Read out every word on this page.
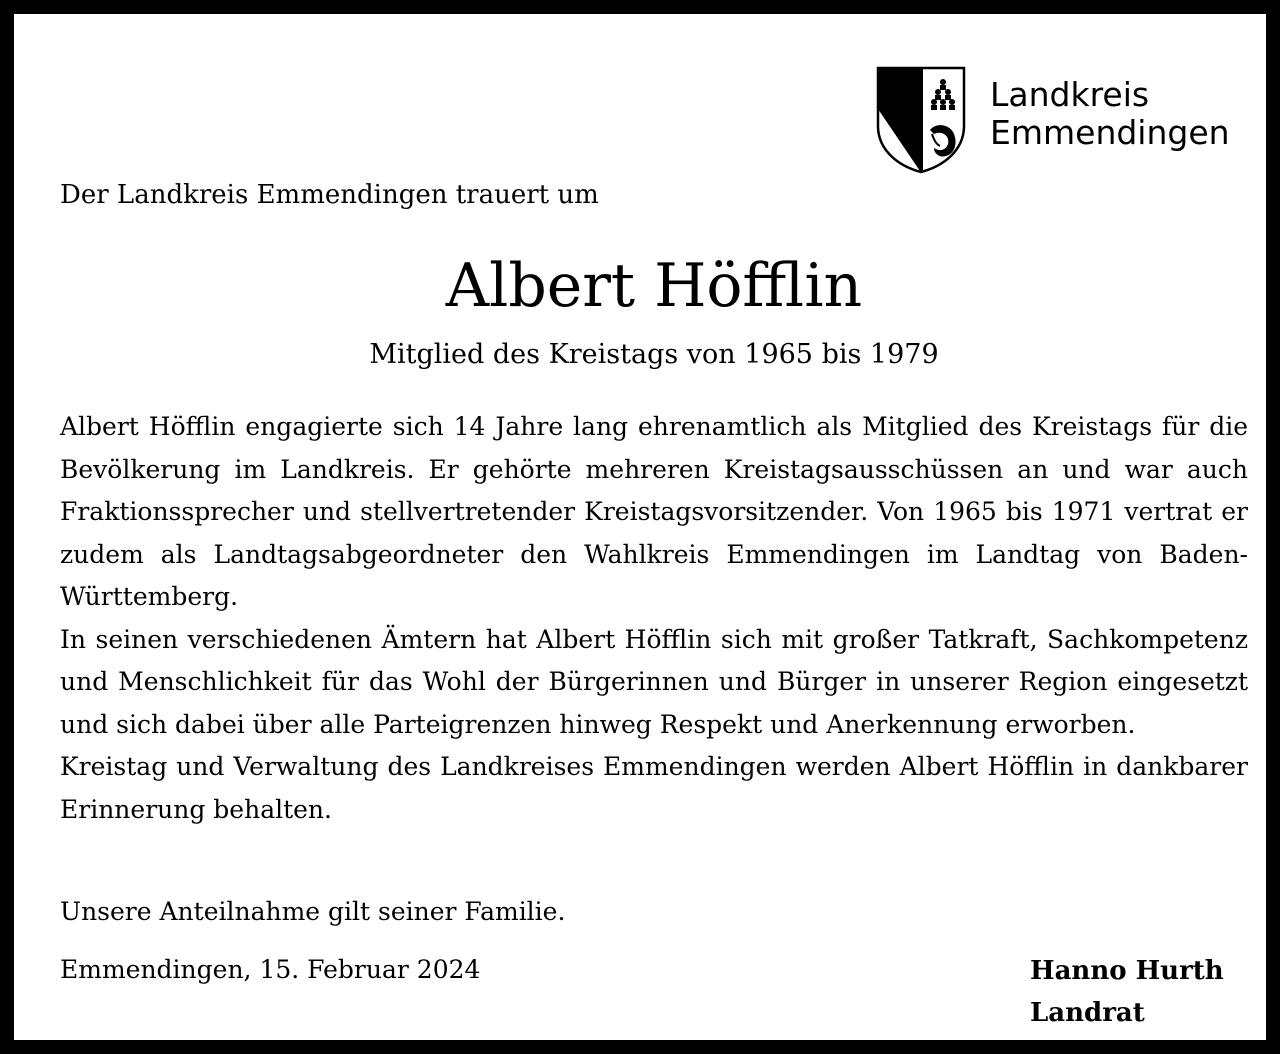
Landkreis
Emmendingen
Der Landkreis Emmendingen trauert um
Albert Höfflin
Mitglied des Kreistags von 1965 bis 1979

Albert Höfflin engagierte sich 14 Jahre lang ehrenamtlich als Mitglied des Kreistags für die Bevölkerung im Landkreis. Er gehörte mehreren Kreistagsausschüssen an und war auch Fraktionssprecher und stellvertretender Kreistagsvorsitzender. Von 1965 bis 1971 vertrat er zudem als Landtagsabgeordneter den Wahlkreis Emmendingen im Landtag von Baden-Württemberg.

In seinen verschiedenen Ämtern hat Albert Höfflin sich mit großer Tatkraft, Sachkompetenz und Menschlichkeit für das Wohl der Bürgerinnen und Bürger in unserer Region eingesetzt und sich dabei über alle Parteigrenzen hinweg Respekt und Anerkennung erworben.

Kreistag und Verwaltung des Landkreises Emmendingen werden Albert Höfflin in dankbarer Erinnerung behalten.

Unsere Anteilnahme gilt seiner Familie.
Emmendingen, 15. Februar 2024	Hanno Hurth
Landrat
